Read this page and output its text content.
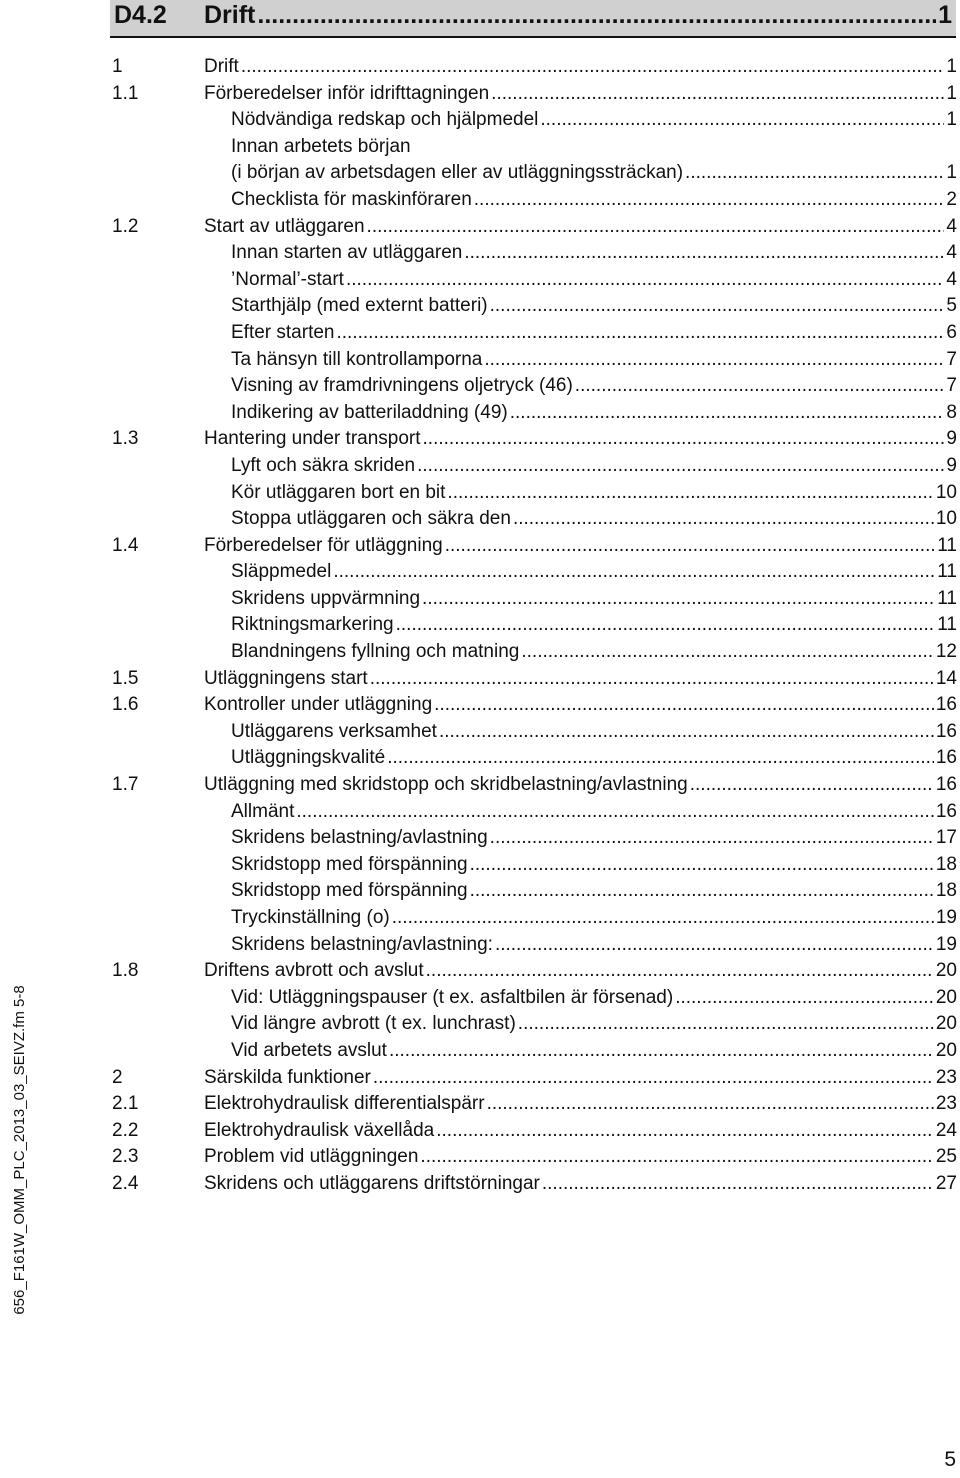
D4.2 Drift .....	1
1	Drift .....	1
1.1	Förberedelser inför idrifttagningen .....	1
Nödvändiga redskap och hjälpmedel .....	1
Innan arbetets början
(i början av arbetsdagen eller av utläggningssträckan) .....	1
Checklista för maskinföraren .....	2
1.2	Start av utläggaren .....	4
Innan starten av utläggaren .....	4
’Normal’-start .....	4
Starthjälp (med externt batteri) .....	5
Efter starten .....	6
Ta hänsyn till kontrollamporna .....	7
Visning av framdrivningens oljetryck (46) .....	7
Indikering av batteriladdning (49) .....	8
1.3	Hantering under transport .....	9
Lyft och säkra skriden .....	9
Kör utläggaren bort en bit .....	10
Stoppa utläggaren och säkra den .....	10
1.4	Förberedelser för utläggning .....	11
Släppmedel .....	11
Skridens uppvärmning .....	11
Riktningsmarkering .....	11
Blandningens fyllning och matning .....	12
1.5	Utläggningens start .....	14
1.6	Kontroller under utläggning .....	16
Utläggarens verksamhet .....	16
Utläggningskvalité .....	16
1.7	Utläggning med skridstopp och skridbelastning/avlastning .....	16
Allmänt .....	16
Skridens belastning/avlastning .....	17
Skridstopp med förspänning .....	18
Skridstopp med förspänning .....	18
Tryckinställning (o) .....	19
Skridens belastning/avlastning: .....	19
1.8	Driftens avbrott och avslut .....	20
Vid: Utläggningspauser (t ex. asfaltbilen är försenad) .....	20
Vid längre avbrott (t ex. lunchrast) .....	20
Vid arbetets avslut .....	20
2	Särskilda funktioner .....	23
2.1	Elektrohydraulisk differentialspärr .....	23
2.2	Elektrohydraulisk växellåda .....	24
2.3	Problem vid utläggningen .....	25
2.4	Skridens och utläggarens driftstörningar .....	27
656_F161W_OMM_PLC_2013_03_SEIVZ.fm 5-8
5
